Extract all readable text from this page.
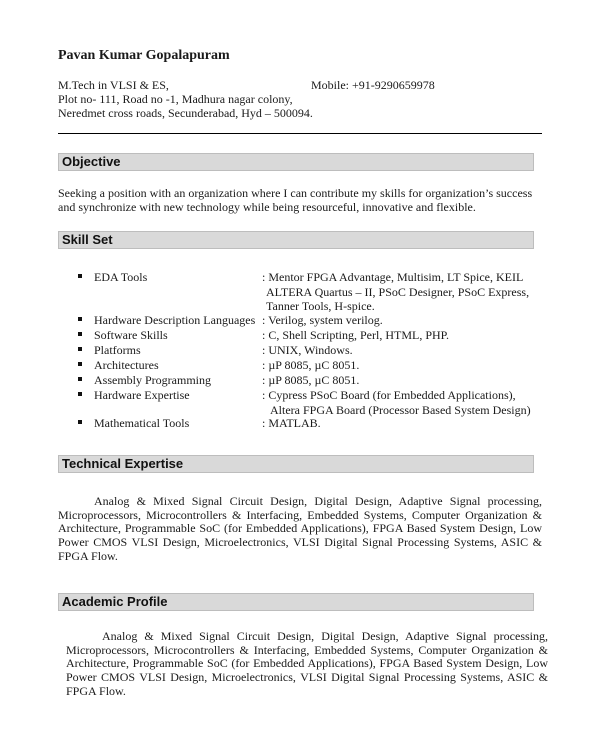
Pavan Kumar Gopalapuram
M.Tech in VLSI & ES,
Plot no- 111, Road no -1, Madhura nagar colony,
Neredmet cross roads, Secunderabad, Hyd – 500094.
Mobile: +91-9290659978
Objective
Seeking a position with an organization where I can contribute my skills for organization’s success
and synchronize with new technology while being resourceful, innovative and flexible.
Skill Set
EDA Tools	: Mentor FPGA Advantage, Multisim, LT Spice, KEIL
ALTERA Quartus – II, PSoC Designer, PSoC Express,
Tanner Tools, H-spice.
Hardware Description Languages : Verilog, system verilog.
Software Skills	: C, Shell Scripting, Perl, HTML, PHP.
Platforms	: UNIX, Windows.
Architectures	: µP 8085, µC 8051.
Assembly Programming	: µP 8085, µC 8051.
Hardware Expertise	: Cypress PSoC Board (for Embedded Applications),
Altera FPGA Board (Processor Based System Design)
Mathematical Tools	: MATLAB.
Technical Expertise
Analog & Mixed Signal Circuit Design, Digital Design, Adaptive Signal processing,
Microprocessors, Microcontrollers & Interfacing, Embedded Systems, Computer Organization &
Architecture, Programmable SoC (for Embedded Applications), FPGA Based System Design, Low
Power CMOS VLSI Design, Microelectronics, VLSI Digital Signal Processing Systems, ASIC &
FPGA Flow.
Academic Profile
Analog & Mixed Signal Circuit Design, Digital Design, Adaptive Signal processing,
Microprocessors, Microcontrollers & Interfacing, Embedded Systems, Computer Organization &
Architecture, Programmable SoC (for Embedded Applications), FPGA Based System Design, Low
Power CMOS VLSI Design, Microelectronics, VLSI Digital Signal Processing Systems, ASIC &
FPGA Flow.
